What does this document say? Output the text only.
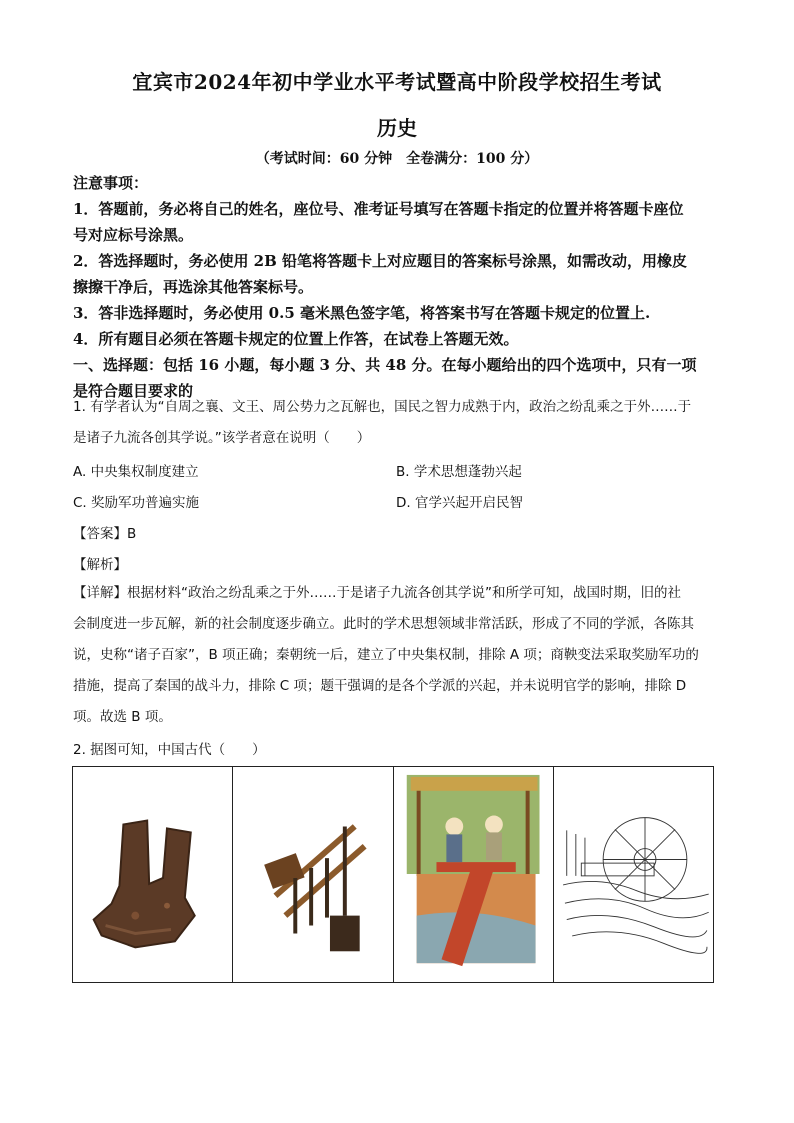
宜宾市2024年初中学业水平考试暨高中阶段学校招生考试
历史
（考试时间：60 分钟　全卷满分：100 分）

注意事项：

1．答题前，务必将自己的姓名，座位号、准考证号填写在答题卡指定的位置并将答题卡座位
号对应标号涂黑。

2．答选择题时，务必使用 2B 铅笔将答题卡上对应题目的答案标号涂黑，如需改动，用橡皮
擦擦干净后，再选涂其他答案标号。

3．答非选择题时，务必使用 0.5 毫米黑色签字笔，将答案书写在答题卡规定的位置上.

4．所有题目必须在答题卡规定的位置上作答，在试卷上答题无效。

一、选择题：包括 16 小题，每小题 3 分、共 48 分。在每小题给出的四个选项中，只有一项
是符合题目要求的

1. 有学者认为“自周之襄、文王、周公势力之瓦解也，国民之智力成熟于内，政治之纷乱乘之于外……于

是诸子九流各创其学说。”该学者意在说明（　　）

A. 中央集权制度建立	B. 学术思想蓬勃兴起
C. 奖励军功普遍实施	D. 官学兴起开启民智
【答案】B
【解析】

【详解】根据材料“政治之纷乱乘之于外……于是诸子九流各创其学说”和所学可知，战国时期，旧的社

会制度进一步瓦解，新的社会制度逐步确立。此时的学术思想领域非常活跃，形成了不同的学派，各陈其

说，史称“诸子百家”，B 项正确；秦朝统一后，建立了中央集权制，排除 A 项；商鞅变法采取奖励军功的

措施，提高了秦国的战斗力，排除 C 项；题干强调的是各个学派的兴起，并未说明官学的影响，排除 D

项。故选 B 项。

2. 据图可知，中国古代（　　）
